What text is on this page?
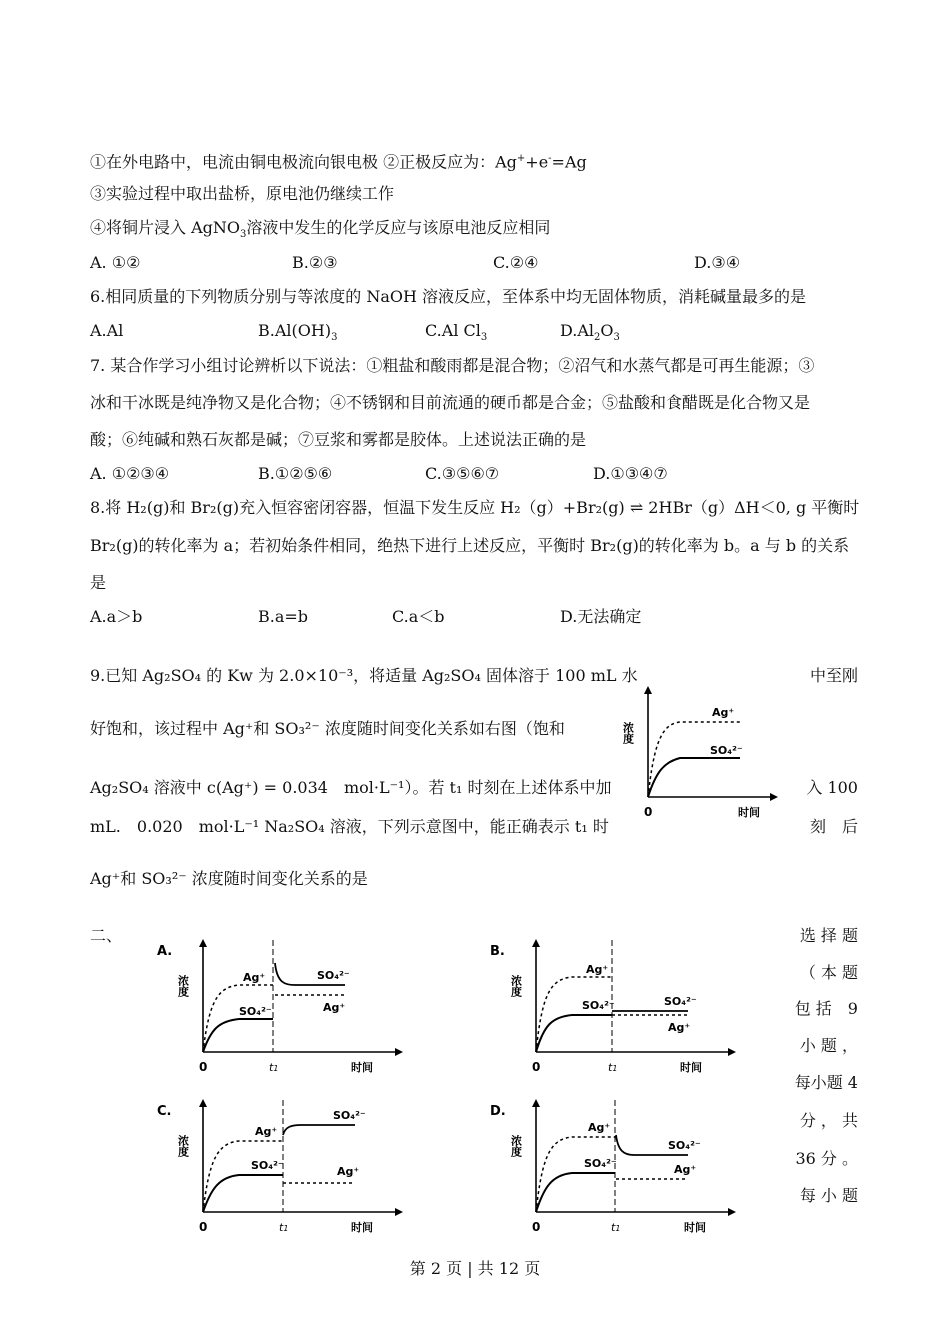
①在外电路中，电流由铜电极流向银电极 ②正极反应为：Ag++e-=Ag
③实验过程中取出盐桥，原电池仍继续工作
④将铜片浸入 AgNO$_3$溶液中发生的化学反应与该原电池反应相同
A. ①②	B.②③	C.②④	D.③④
6.相同质量的下列物质分别与等浓度的 NaOH 溶液反应，至体系中均无固体物质，消耗碱量最多的是
A.Al	$B.Al(OH)_3$	C.Al $Cl_3$	$D.Al_2O_3$
7. 某合作学习小组讨论辨析以下说法：①粗盐和酸雨都是混合物；②沼气和水蒸气都是可再生能源；③
冰和干冰既是纯净物又是化合物；④不锈钢和目前流通的硬币都是合金；⑤盐酸和食醋既是化合物又是
酸；⑥纯碱和熟石灰都是碱；⑦豆浆和雾都是胶体。上述说法正确的是
A. ①②③④	B.①②⑤⑥	C.③⑤⑥⑦	D.①③④⑦
8.将 H₂(g)和 Br₂(g)充入恒容密闭容器，恒温下发生反应 H₂（g）+Br₂(g) ⇌ 2HBr（g）ΔH＜0, g 平衡时
Br₂(g)的转化率为 a；若初始条件相同，绝热下进行上述反应，平衡时 Br₂(g)的转化率为 b。a 与 b 的关系
是
A.a＞b	B.a=b	C.a＜b	D.无法确定
9.已知 Ag₂SO₄ 的 Kw 为 2.0×10⁻³，将适量 Ag₂SO₄ 固体溶于 100 mL 水	中至刚
好饱和，该过程中 Ag⁺和 SO₃²⁻ 浓度随时间变化关系如右图（饱和
Ag₂SO₄ 溶液中 c(Ag⁺) = 0.034　mol·L⁻¹）。若 t₁ 时刻在上述体系中加	入 100
mL.　0.020　mol·L⁻¹ Na₂SO₄ 溶液，下列示意图中，能正确表示 t₁ 时	刻　后
Ag⁺和 SO₃²⁻ 浓度随时间变化关系的是
浓度
Ag⁺
SO₄²⁻
0	时间
二、	选 择 题
（ 本 题
包 括　9
小 题 ，
每小题 4
分 ， 共
36 分 。
每 小 题
A.
浓度	Ag⁺
SO₄²⁻
SO₄²⁻
Ag⁺
0	t1	时间
B.
浓度
Ag⁺
SO₄²⁻	SO₄²⁻
Ag⁺
0	t1	时间
C.
浓度
Ag⁺
SO₄²⁻
SO₄²⁻
Ag⁺
0	t1	时间
D.
浓度
Ag⁺
SO₄²⁻
SO₄²⁻
Ag⁺
0	t1	时间
第 2 页 | 共 12 页
